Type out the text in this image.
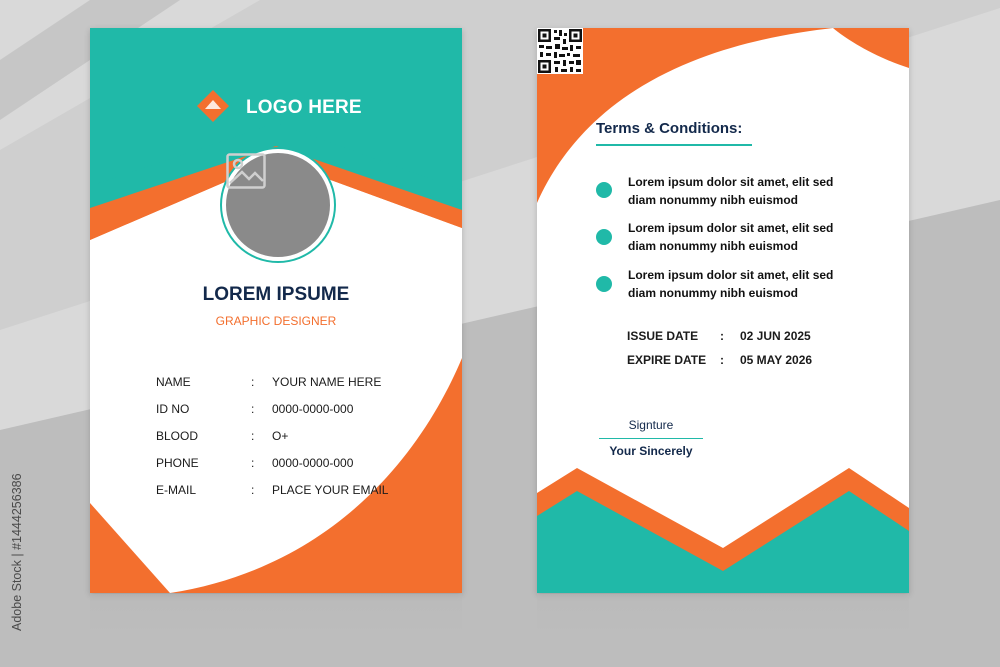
Adobe Stock | #1444256386
LOGO HERE
LOREM IPSUME
GRAPHIC DESIGNER
NAME	: YOUR NAME HERE
ID NO	: 0000-0000-000
BLOOD	: O+
PHONE	: 0000-0000-000
E-MAIL	: PLACE YOUR EMAIL
Terms & Conditions:
Lorem ipsum dolor sit amet, elit sed
diam nonummy nibh euismod
Lorem ipsum dolor sit amet, elit sed
diam nonummy nibh euismod
Lorem ipsum dolor sit amet, elit sed
diam nonummy nibh euismod
ISSUE DATE : 02 JUN 2025
EXPIRE DATE : 05 MAY 2026
Signture
Your Sincerely
